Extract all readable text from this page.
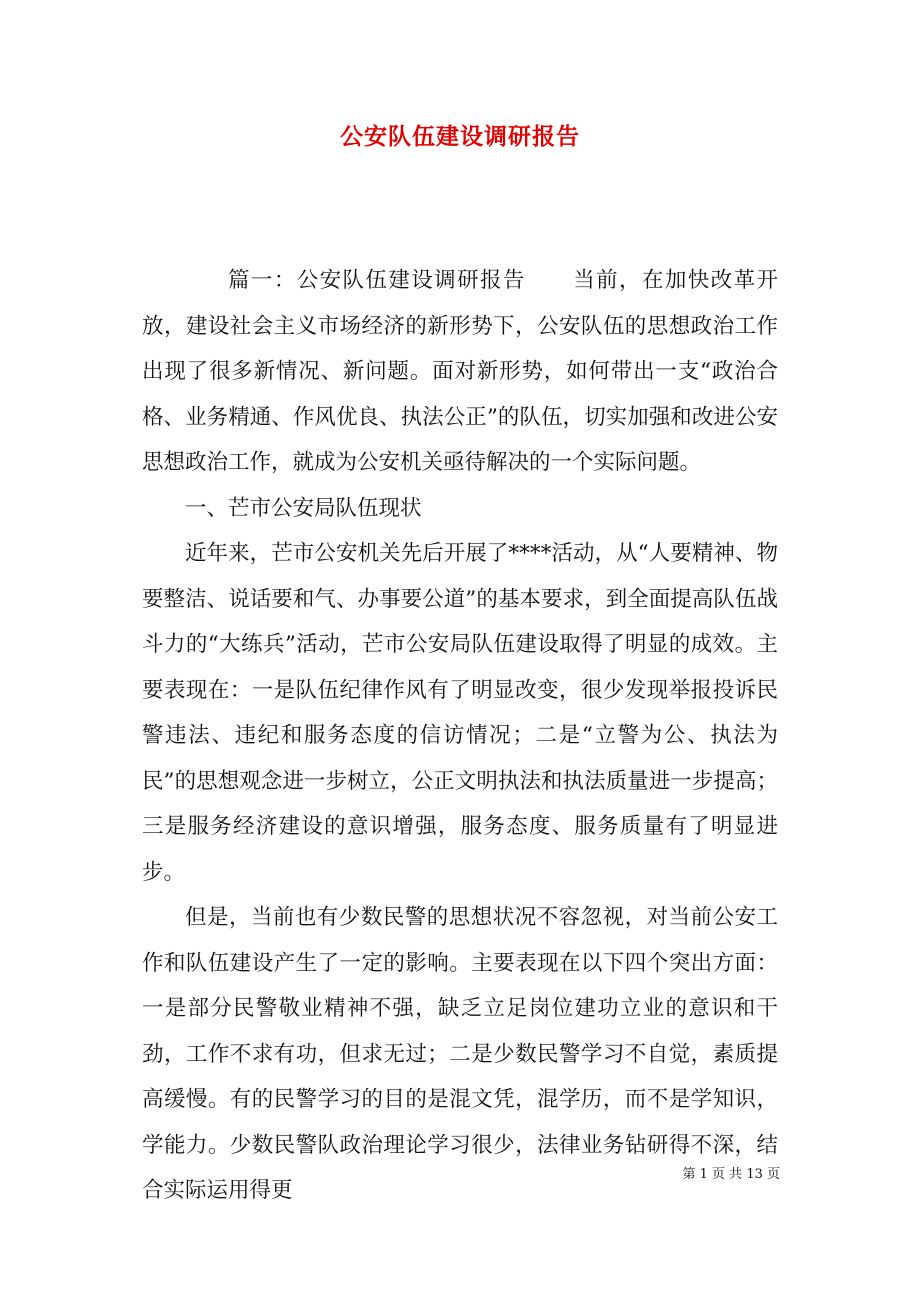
公安队伍建设调研报告

篇一：公安队伍建设调研报告 当前，在加快改革开放，建设社会主义市场经济的新形势下，公安队伍的思想政治工作出现了很多新情况、新问题。面对新形势，如何带出一支“政治合格、业务精通、作风优良、执法公正”的队伍，切实加强和改进公安思想政治工作，就成为公安机关亟待解决的一个实际问题。

一、芒市公安局队伍现状

近年来，芒市公安机关先后开展了****活动，从“人要精神、物要整洁、说话要和气、办事要公道”的基本要求，到全面提高队伍战斗力的“大练兵”活动，芒市公安局队伍建设取得了明显的成效。主要表现在：一是队伍纪律作风有了明显改变，很少发现举报投诉民警违法、违纪和服务态度的信访情况；二是“立警为公、执法为民”的思想观念进一步树立，公正文明执法和执法质量进一步提高；三是服务经济建设的意识增强，服务态度、服务质量有了明显进步。

但是，当前也有少数民警的思想状况不容忽视，对当前公安工作和队伍建设产生了一定的影响。主要表现在以下四个突出方面：一是部分民警敬业精神不强，缺乏立足岗位建功立业的意识和干劲，工作不求有功，但求无过；二是少数民警学习不自觉，素质提高缓慢。有的民警学习的目的是混文凭，混学历，而不是学知识，学能力。少数民警队政治理论学习很少，法律业务钻研得不深，结合实际运用得更

第 1 页 共 13 页
